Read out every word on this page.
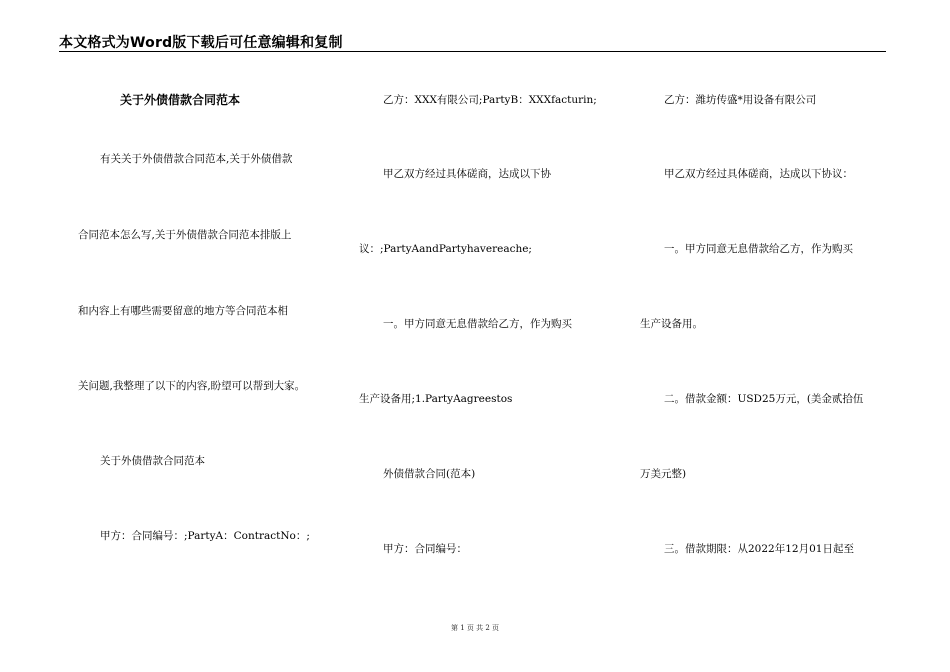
本文格式为Word版下载后可任意编辑和复制
关于外债借款合同范本
有关关于外债借款合同范本,关于外债借款
合同范本怎么写,关于外债借款合同范本排版上
和内容上有哪些需要留意的地方等合同范本相
关问题,我整理了以下的内容,盼望可以帮到大家。
关于外债借款合同范本
甲方：合同编号：;PartyA：ContractNo：;
乙方：XXX有限公司;PartyB：XXXfacturin;
甲乙双方经过具体磋商，达成以下协
议：;PartyAandPartyhavereache;
一。甲方同意无息借款给乙方，作为购买
生产设备用;1.PartyAagreestos
外债借款合同(范本)
甲方：合同编号：
乙方：潍坊传盛*用设备有限公司
甲乙双方经过具体磋商，达成以下协议：
一。甲方同意无息借款给乙方，作为购买
生产设备用。
二。借款金额：USD25万元，(美金贰拾伍
万美元整)
三。借款期限：从2022年12月01日起至
第 1 页 共 2 页
